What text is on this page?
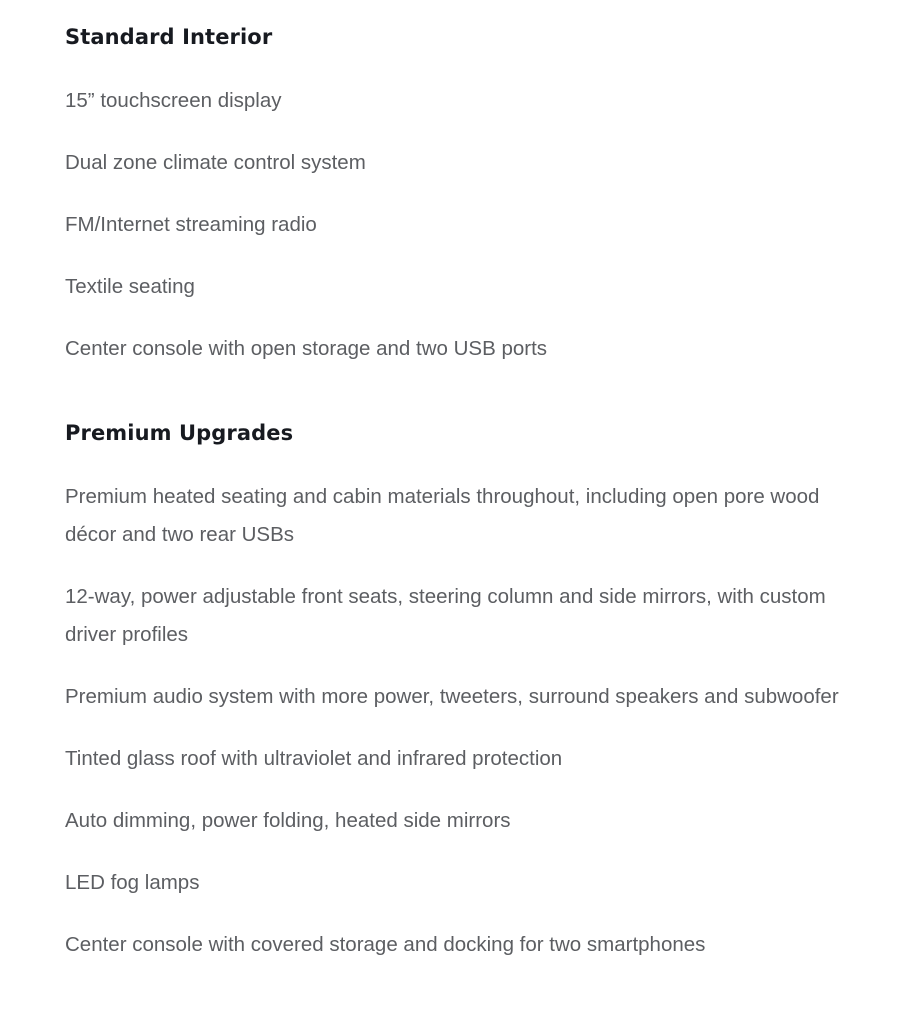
Standard Interior
15” touchscreen display
Dual zone climate control system
FM/Internet streaming radio
Textile seating
Center console with open storage and two USB ports
Premium Upgrades
Premium heated seating and cabin materials throughout, including open pore wood décor and two rear USBs
12-way, power adjustable front seats, steering column and side mirrors, with custom driver profiles
Premium audio system with more power, tweeters, surround speakers and subwoofer
Tinted glass roof with ultraviolet and infrared protection
Auto dimming, power folding, heated side mirrors
LED fog lamps
Center console with covered storage and docking for two smartphones
